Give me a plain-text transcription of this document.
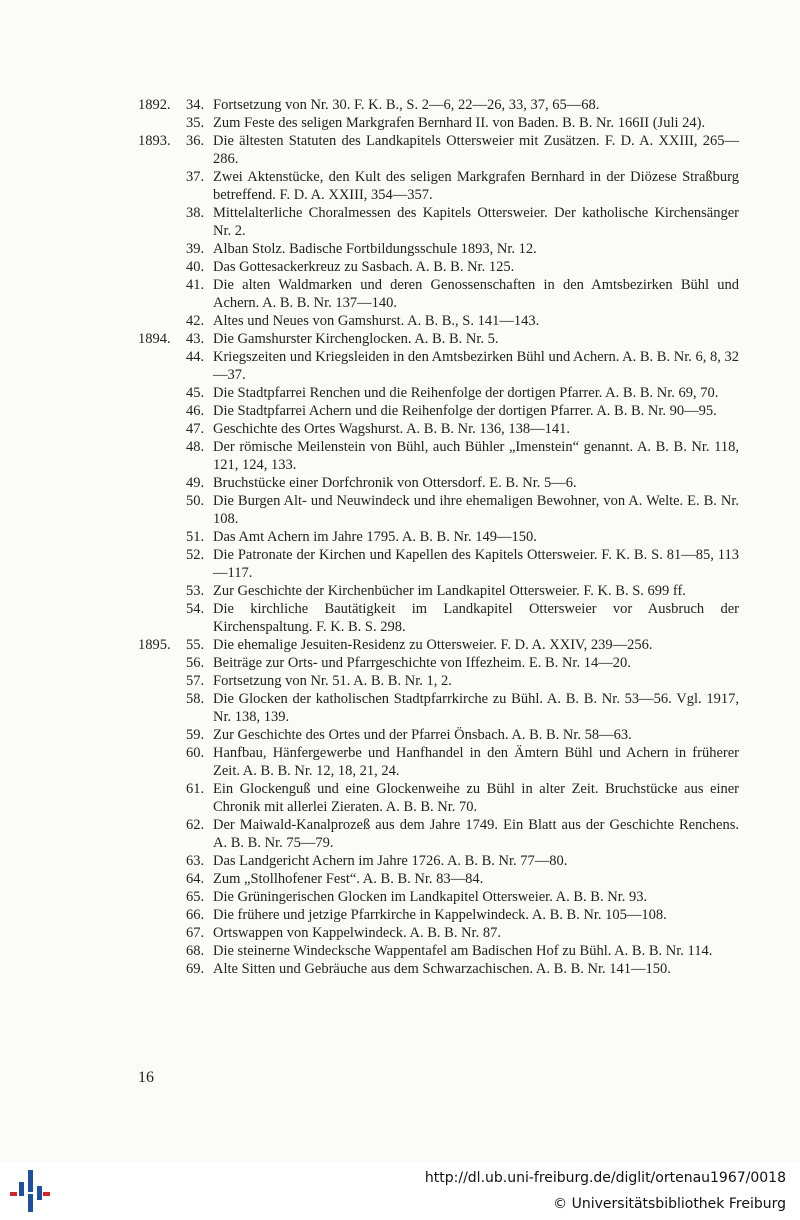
1892. 34. Fortsetzung von Nr. 30. F. K. B., S. 2—6, 22—26, 33, 37, 65—68.
35. Zum Feste des seligen Markgrafen Bernhard II. von Baden. B. B. Nr. 166II (Juli 24).
1893. 36. Die ältesten Statuten des Landkapitels Ottersweier mit Zusätzen. F. D. A. XXIII, 265—286.
37. Zwei Aktenstücke, den Kult des seligen Markgrafen Bernhard in der Diözese Straßburg betreffend. F. D. A. XXIII, 354—357.
38. Mittelalterliche Choralmessen des Kapitels Ottersweier. Der katholische Kirchensänger Nr. 2.
39. Alban Stolz. Badische Fortbildungsschule 1893, Nr. 12.
40. Das Gottesackerkreuz zu Sasbach. A. B. B. Nr. 125.
41. Die alten Waldmarken und deren Genossenschaften in den Amtsbezirken Bühl und Achern. A. B. B. Nr. 137—140.
42. Altes und Neues von Gamshurst. A. B. B., S. 141—143.
1894. 43. Die Gamshurster Kirchenglocken. A. B. B. Nr. 5.
44. Kriegszeiten und Kriegsleiden in den Amtsbezirken Bühl und Achern. A. B. B. Nr. 6, 8, 32—37.
45. Die Stadtpfarrei Renchen und die Reihenfolge der dortigen Pfarrer. A. B. B. Nr. 69, 70.
46. Die Stadtpfarrei Achern und die Reihenfolge der dortigen Pfarrer. A. B. B. Nr. 90—95.
47. Geschichte des Ortes Wagshurst. A. B. B. Nr. 136, 138—141.
48. Der römische Meilenstein von Bühl, auch Bühler „Imenstein“ genannt. A. B. B. Nr. 118, 121, 124, 133.
49. Bruchstücke einer Dorfchronik von Ottersdorf. E. B. Nr. 5—6.
50. Die Burgen Alt- und Neuwindeck und ihre ehemaligen Bewohner, von A. Welte. E. B. Nr. 108.
51. Das Amt Achern im Jahre 1795. A. B. B. Nr. 149—150.
52. Die Patronate der Kirchen und Kapellen des Kapitels Ottersweier. F. K. B. S. 81—85, 113—117.
53. Zur Geschichte der Kirchenbücher im Landkapitel Ottersweier. F. K. B. S. 699 ff.
54. Die kirchliche Bautätigkeit im Landkapitel Ottersweier vor Ausbruch der Kirchenspaltung. F. K. B. S. 298.
1895. 55. Die ehemalige Jesuiten-Residenz zu Ottersweier. F. D. A. XXIV, 239—256.
56. Beiträge zur Orts- und Pfarrgeschichte von Iffezheim. E. B. Nr. 14—20.
57. Fortsetzung von Nr. 51. A. B. B. Nr. 1, 2.
58. Die Glocken der katholischen Stadtpfarrkirche zu Bühl. A. B. B. Nr. 53—56. Vgl. 1917, Nr. 138, 139.
59. Zur Geschichte des Ortes und der Pfarrei Önsbach. A. B. B. Nr. 58—63.
60. Hanfbau, Hänfergewerbe und Hanfhandel in den Ämtern Bühl und Achern in früherer Zeit. A. B. B. Nr. 12, 18, 21, 24.
61. Ein Glockenguß und eine Glockenweihe zu Bühl in alter Zeit. Bruchstücke aus einer Chronik mit allerlei Zieraten. A. B. B. Nr. 70.
62. Der Maiwald-Kanalprozeß aus dem Jahre 1749. Ein Blatt aus der Geschichte Renchens. A. B. B. Nr. 75—79.
63. Das Landgericht Achern im Jahre 1726. A. B. B. Nr. 77—80.
64. Zum „Stollhofener Fest“. A. B. B. Nr. 83—84.
65. Die Grüningerischen Glocken im Landkapitel Ottersweier. A. B. B. Nr. 93.
66. Die frühere und jetzige Pfarrkirche in Kappelwindeck. A. B. B. Nr. 105—108.
67. Ortswappen von Kappelwindeck. A. B. B. Nr. 87.
68. Die steinerne Windecksche Wappentafel am Badischen Hof zu Bühl. A. B. B. Nr. 114.
69. Alte Sitten und Gebräuche aus dem Schwarzachischen. A. B. B. Nr. 141—150.
16
http://dl.ub.uni-freiburg.de/diglit/ortenau1967/0018
© Universitätsbibliothek Freiburg
